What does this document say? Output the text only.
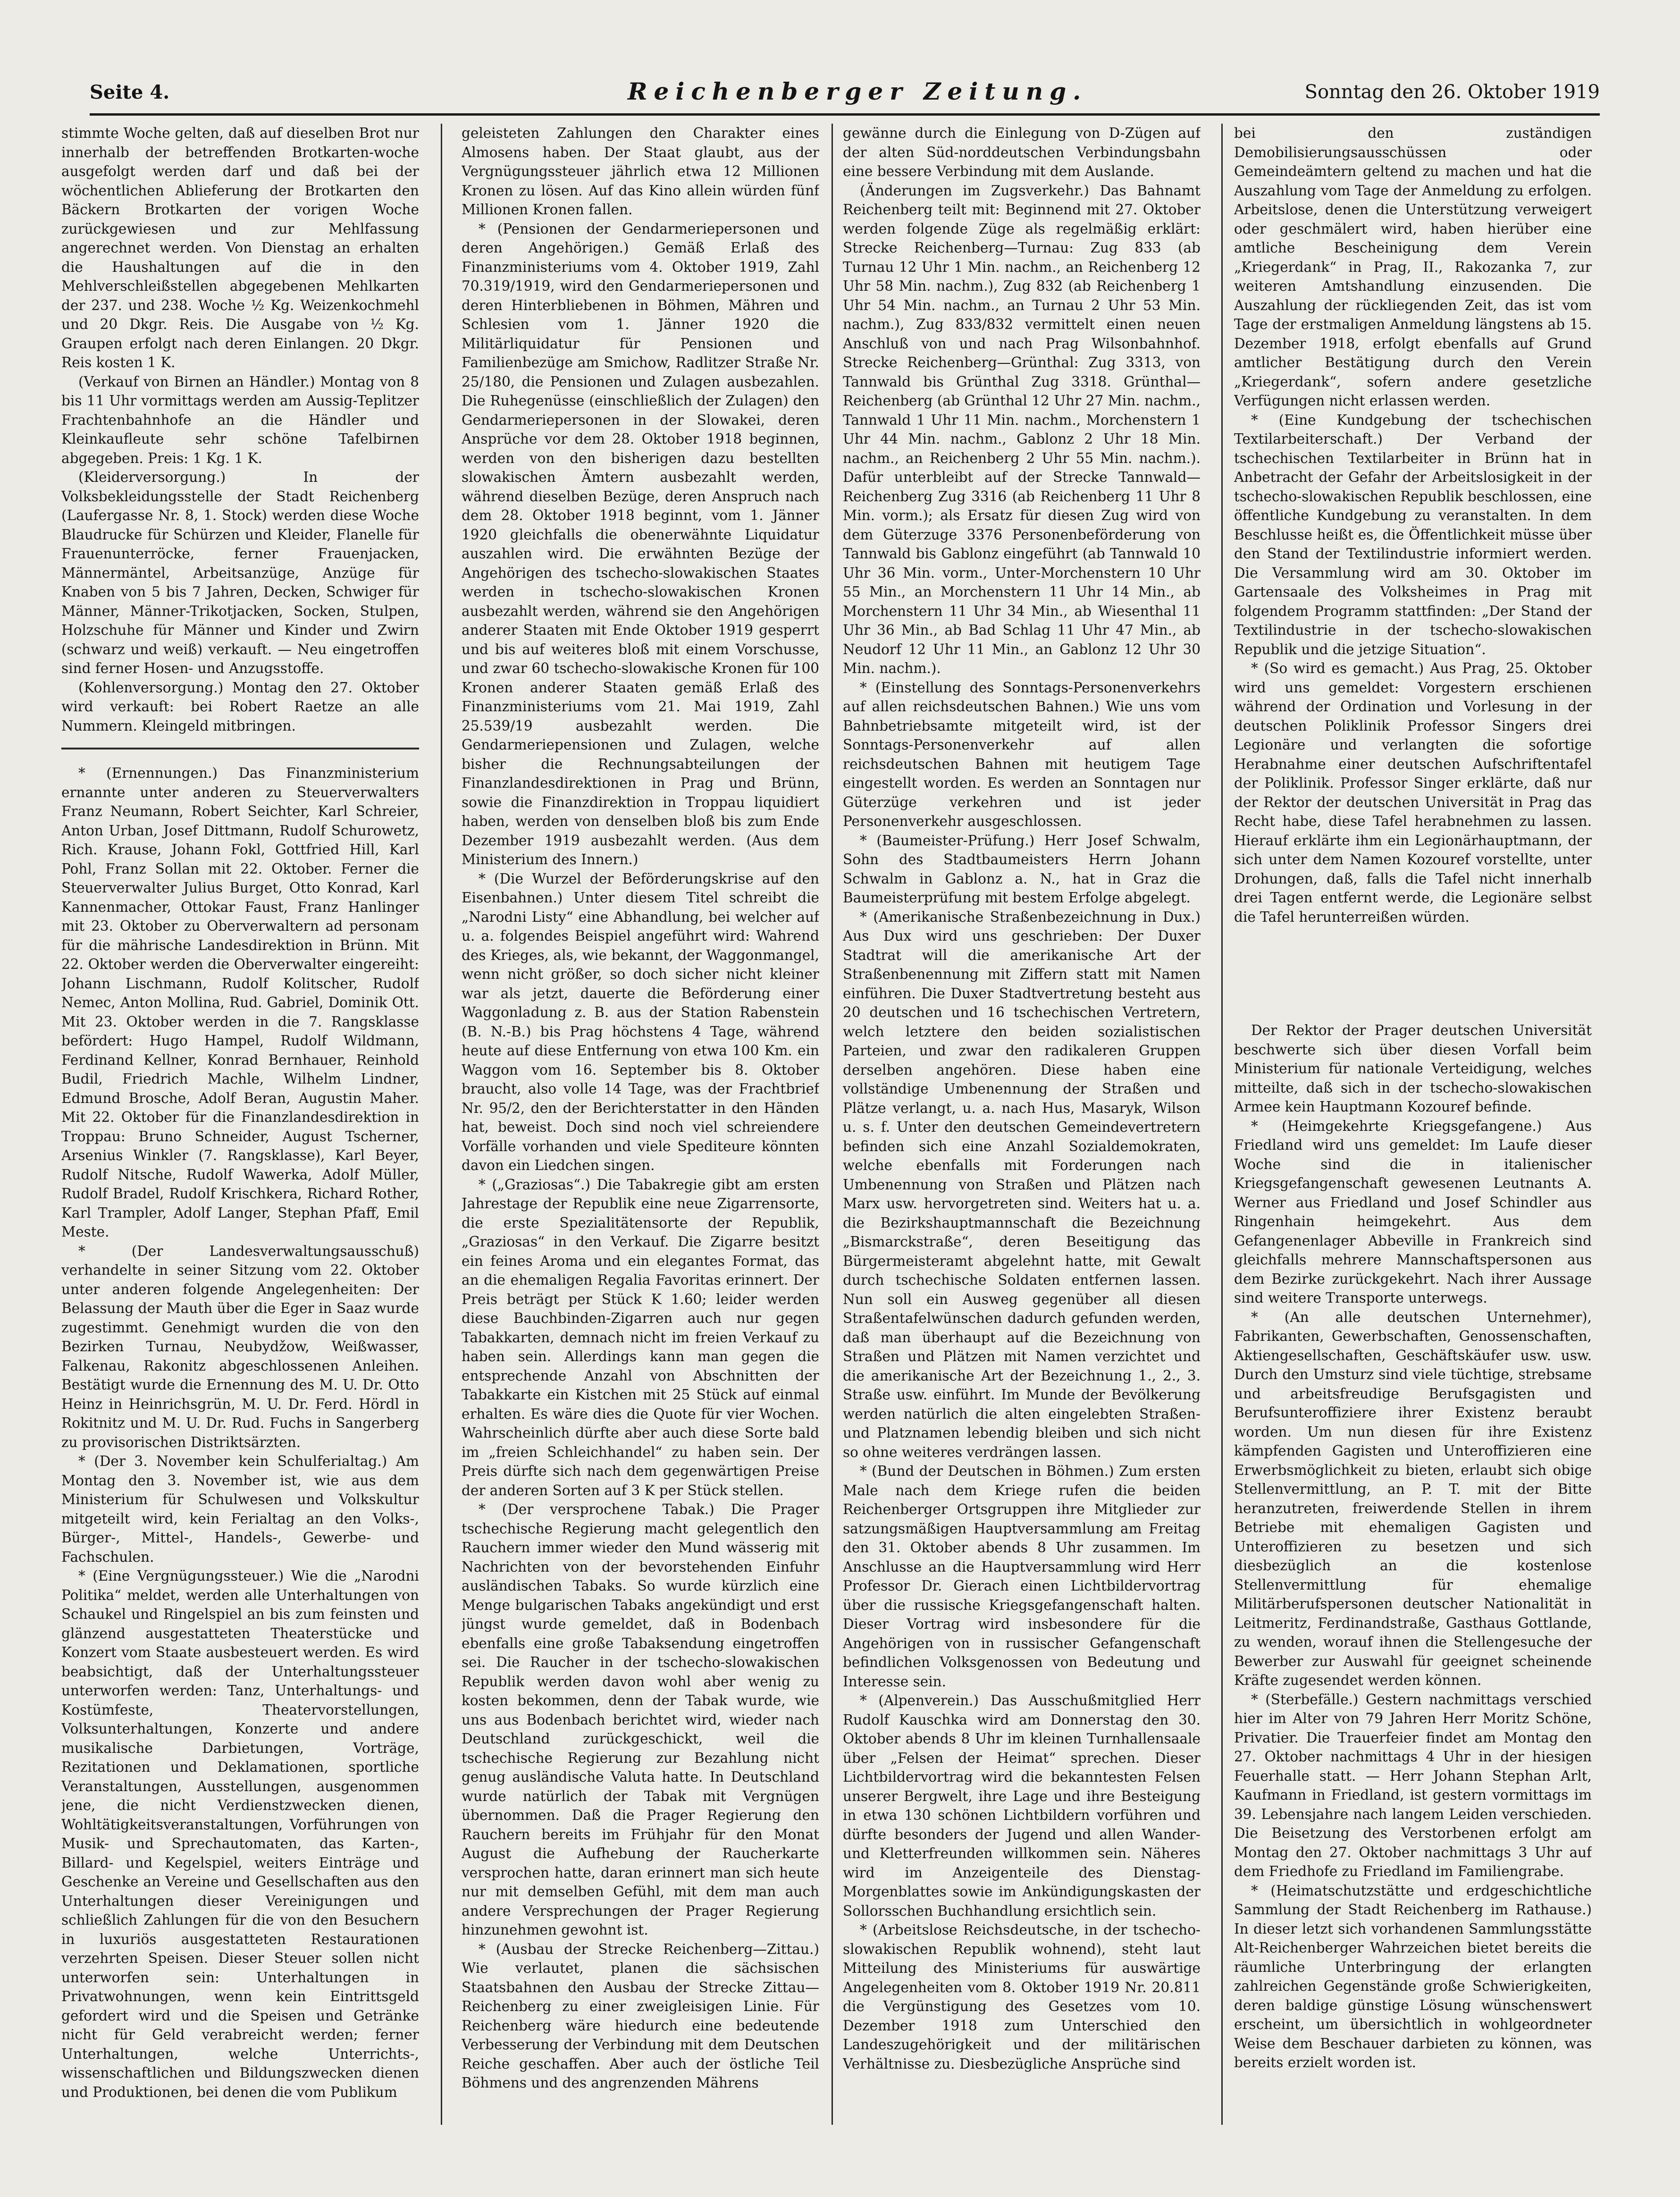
Seite 4.	Reichenberger Zeitung.	Sonntag den 26. Oktober 1919

stimmte Woche gelten, daß auf dieselben Brot nur innerhalb der betreffenden Brotkarten-woche ausgefolgt werden darf und daß bei der wöchentlichen Ablieferung der Brotkarten den Bäckern Brotkarten der vorigen Woche zurückgewiesen und zur Mehlfassung angerechnet werden. Von Dienstag an erhalten die Haushaltungen auf die in den Mehlverschleißstellen abgegebenen Mehlkarten der 237. und 238. Woche ½ Kg. Weizenkochmehl und 20 Dkgr. Reis. Die Ausgabe von ½ Kg. Graupen erfolgt nach deren Einlangen. 20 Dkgr. Reis kosten 1 K.

(Verkauf von Birnen an Händler.) Montag von 8 bis 11 Uhr vormittags werden am Aussig-Teplitzer Frachtenbahnhofe an die Händler und Kleinkaufleute sehr schöne Tafelbirnen abgegeben. Preis: 1 Kg. 1 K.

(Kleiderversorgung.) In der Volksbekleidungsstelle der Stadt Reichenberg (Laufergasse Nr. 8, 1. Stock) werden diese Woche Blaudrucke für Schürzen und Kleider, Flanelle für Frauenunterröcke, ferner Frauenjacken, Männermäntel, Arbeitsanzüge, Anzüge für Knaben von 5 bis 7 Jahren, Decken, Schwiger für Männer, Männer-Trikotjacken, Socken, Stulpen, Holzschuhe für Männer und Kinder und Zwirn (schwarz und weiß) verkauft. — Neu eingetroffen sind ferner Hosen- und Anzugsstoffe.

(Kohlenversorgung.) Montag den 27. Oktober wird verkauft: bei Robert Raetze an alle Nummern. Kleingeld mitbringen.

* (Ernennungen.) Das Finanzministerium ernannte unter anderen zu Steuerverwalters Franz Neumann, Robert Seichter, Karl Schreier, Anton Urban, Josef Dittmann, Rudolf Schurowetz, Rich. Krause, Johann Fokl, Gottfried Hill, Karl Pohl, Franz Sollan mit 22. Oktober. Ferner die Steuerverwalter Julius Burget, Otto Konrad, Karl Kannenmacher, Ottokar Faust, Franz Hanlinger mit 23. Oktober zu Oberverwaltern ad personam für die mährische Landesdirektion in Brünn. Mit 22. Oktober werden die Oberverwalter eingereiht: Johann Lischmann, Rudolf Kolitscher, Rudolf Nemec, Anton Mollina, Rud. Gabriel, Dominik Ott. Mit 23. Oktober werden in die 7. Rangsklasse befördert: Hugo Hampel, Rudolf Wildmann, Ferdinand Kellner, Konrad Bernhauer, Reinhold Budil, Friedrich Machle, Wilhelm Lindner, Edmund Brosche, Adolf Beran, Augustin Maher. Mit 22. Oktober für die Finanzlandesdirektion in Troppau: Bruno Schneider, August Tscherner, Arsenius Winkler (7. Rangsklasse), Karl Beyer, Rudolf Nitsche, Rudolf Wawerka, Adolf Müller, Rudolf Bradel, Rudolf Krischkera, Richard Rother, Karl Trampler, Adolf Langer, Stephan Pfaff, Emil Meste.

* (Der Landesverwaltungsausschuß) verhandelte in seiner Sitzung vom 22. Oktober unter anderen folgende Angelegenheiten: Der Belassung der Mauth über die Eger in Saaz wurde zugestimmt. Genehmigt wurden die von den Bezirken Turnau, Neubydžow, Weißwasser, Falkenau, Rakonitz abgeschlossenen Anleihen. Bestätigt wurde die Ernennung des M. U. Dr. Otto Heinz in Heinrichsgrün, M. U. Dr. Ferd. Hördl in Rokitnitz und M. U. Dr. Rud. Fuchs in Sangerberg zu provisorischen Distriktsärzten.

* (Der 3. November kein Schulferialtag.) Am Montag den 3. November ist, wie aus dem Ministerium für Schulwesen und Volkskultur mitgeteilt wird, kein Ferialtag an den Volks-, Bürger-, Mittel-, Handels-, Gewerbe- und Fachschulen.

* (Eine Vergnügungssteuer.) Wie die „Narodni Politika“ meldet, werden alle Unterhaltungen von Schaukel und Ringelspiel an bis zum feinsten und glänzend ausgestatteten Theaterstücke und Konzert vom Staate ausbesteuert werden. Es wird beabsichtigt, daß der Unterhaltungssteuer unterworfen werden: Tanz, Unterhaltungs- und Kostümfeste, Theatervorstellungen, Volksunterhaltungen, Konzerte und andere musikalische Darbietungen, Vorträge, Rezitationen und Deklamationen, sportliche Veranstaltungen, Ausstellungen, ausgenommen jene, die nicht Verdienstzwecken dienen, Wohltätigkeitsveranstaltungen, Vorführungen von Musik- und Sprechautomaten, das Karten-, Billard- und Kegelspiel, weiters Einträge und Geschenke an Vereine und Gesellschaften aus den Unterhaltungen dieser Vereinigungen und schließlich Zahlungen für die von den Besuchern in luxuriös ausgestatteten Restaurationen verzehrten Speisen. Dieser Steuer sollen nicht unterworfen sein: Unterhaltungen in Privatwohnungen, wenn kein Eintrittsgeld gefordert wird und die Speisen und Getränke nicht für Geld verabreicht werden; ferner Unterhaltungen, welche Unterrichts-, wissenschaftlichen und Bildungszwecken dienen und Produktionen, bei denen die vom Publikum

geleisteten Zahlungen den Charakter eines Almosens haben. Der Staat glaubt, aus der Vergnügungssteuer jährlich etwa 12 Millionen Kronen zu lösen. Auf das Kino allein würden fünf Millionen Kronen fallen.

* (Pensionen der Gendarmeriepersonen und deren Angehörigen.) Gemäß Erlaß des Finanzministeriums vom 4. Oktober 1919, Zahl 70.319/1919, wird den Gendarmeriepersonen und deren Hinterbliebenen in Böhmen, Mähren und Schlesien vom 1. Jänner 1920 die Militärliquidatur für Pensionen und Familienbezüge am Smichow, Radlitzer Straße Nr. 25/180, die Pensionen und Zulagen ausbezahlen. Die Ruhegenüsse (einschließlich der Zulagen) den Gendarmeriepersonen in der Slowakei, deren Ansprüche vor dem 28. Oktober 1918 beginnen, werden von den bisherigen dazu bestellten slowakischen Ämtern ausbezahlt werden, während dieselben Bezüge, deren Anspruch nach dem 28. Oktober 1918 beginnt, vom 1. Jänner 1920 gleichfalls die obenerwähnte Liquidatur auszahlen wird. Die erwähnten Bezüge der Angehörigen des tschecho-slowakischen Staates werden in tschecho-slowakischen Kronen ausbezahlt werden, während sie den Angehörigen anderer Staaten mit Ende Oktober 1919 gesperrt und bis auf weiteres bloß mit einem Vorschusse, und zwar 60 tschecho-slowakische Kronen für 100 Kronen anderer Staaten gemäß Erlaß des Finanzministeriums vom 21. Mai 1919, Zahl 25.539/19 ausbezahlt werden. Die Gendarmeriepensionen und Zulagen, welche bisher die Rechnungsabteilungen der Finanzlandesdirektionen in Prag und Brünn, sowie die Finanzdirektion in Troppau liquidiert haben, werden von denselben bloß bis zum Ende Dezember 1919 ausbezahlt werden. (Aus dem Ministerium des Innern.)

* (Die Wurzel der Beförderungskrise auf den Eisenbahnen.) Unter diesem Titel schreibt die „Narodni Listy“ eine Abhandlung, bei welcher auf u. a. folgendes Beispiel angeführt wird: Wahrend des Krieges, als, wie bekannt, der Waggonmangel, wenn nicht größer, so doch sicher nicht kleiner war als jetzt, dauerte die Beförderung einer Waggonladung z. B. aus der Station Rabenstein (B. N.-B.) bis Prag höchstens 4 Tage, während heute auf diese Entfernung von etwa 100 Km. ein Waggon vom 16. September bis 8. Oktober braucht, also volle 14 Tage, was der Frachtbrief Nr. 95/2, den der Berichterstatter in den Händen hat, beweist. Doch sind noch viel schreiendere Vorfälle vorhanden und viele Spediteure könnten davon ein Liedchen singen.

* („Graziosas“.) Die Tabakregie gibt am ersten Jahrestage der Republik eine neue Zigarrensorte, die erste Spezialitätensorte der Republik, „Graziosas“ in den Verkauf. Die Zigarre besitzt ein feines Aroma und ein elegantes Format, das an die ehemaligen Regalia Favoritas erinnert. Der Preis beträgt per Stück K 1.60; leider werden diese Bauchbinden-Zigarren auch nur gegen Tabakkarten, demnach nicht im freien Verkauf zu haben sein. Allerdings kann man gegen die entsprechende Anzahl von Abschnitten der Tabakkarte ein Kistchen mit 25 Stück auf einmal erhalten. Es wäre dies die Quote für vier Wochen. Wahrscheinlich dürfte aber auch diese Sorte bald im „freien Schleichhandel“ zu haben sein. Der Preis dürfte sich nach dem gegenwärtigen Preise der anderen Sorten auf 3 K per Stück stellen.

* (Der versprochene Tabak.) Die Prager tschechische Regierung macht gelegentlich den Rauchern immer wieder den Mund wässerig mit Nachrichten von der bevorstehenden Einfuhr ausländischen Tabaks. So wurde kürzlich eine Menge bulgarischen Tabaks angekündigt und erst jüngst wurde gemeldet, daß in Bodenbach ebenfalls eine große Tabaksendung eingetroffen sei. Die Raucher in der tschecho-slowakischen Republik werden davon wohl aber wenig zu kosten bekommen, denn der Tabak wurde, wie uns aus Bodenbach berichtet wird, wieder nach Deutschland zurückgeschickt, weil die tschechische Regierung zur Bezahlung nicht genug ausländische Valuta hatte. In Deutschland wurde natürlich der Tabak mit Vergnügen übernommen. Daß die Prager Regierung den Rauchern bereits im Frühjahr für den Monat August die Aufhebung der Raucherkarte versprochen hatte, daran erinnert man sich heute nur mit demselben Gefühl, mit dem man auch andere Versprechungen der Prager Regierung hinzunehmen gewohnt ist.

* (Ausbau der Strecke Reichenberg—Zittau.) Wie verlautet, planen die sächsischen Staatsbahnen den Ausbau der Strecke Zittau—Reichenberg zu einer zweigleisigen Linie. Für Reichenberg wäre hiedurch eine bedeutende Verbesserung der Verbindung mit dem Deutschen Reiche geschaffen. Aber auch der östliche Teil Böhmens und des angrenzenden Mährens

gewänne durch die Einlegung von D-Zügen auf der alten Süd-norddeutschen Verbindungsbahn eine bessere Verbindung mit dem Auslande.

(Änderungen im Zugsverkehr.) Das Bahnamt Reichenberg teilt mit: Beginnend mit 27. Oktober werden folgende Züge als regelmäßig erklärt: Strecke Reichenberg—Turnau: Zug 833 (ab Turnau 12 Uhr 1 Min. nachm., an Reichenberg 12 Uhr 58 Min. nachm.), Zug 832 (ab Reichenberg 1 Uhr 54 Min. nachm., an Turnau 2 Uhr 53 Min. nachm.), Zug 833/832 vermittelt einen neuen Anschluß von und nach Prag Wilsonbahnhof. Strecke Reichenberg—Grünthal: Zug 3313, von Tannwald bis Grünthal Zug 3318. Grünthal—Reichenberg (ab Grünthal 12 Uhr 27 Min. nachm., Tannwald 1 Uhr 11 Min. nachm., Morchenstern 1 Uhr 44 Min. nachm., Gablonz 2 Uhr 18 Min. nachm., an Reichenberg 2 Uhr 55 Min. nachm.). Dafür unterbleibt auf der Strecke Tannwald—Reichenberg Zug 3316 (ab Reichenberg 11 Uhr 8 Min. vorm.); als Ersatz für diesen Zug wird von dem Güterzuge 3376 Personenbeförderung von Tannwald bis Gablonz eingeführt (ab Tannwald 10 Uhr 36 Min. vorm., Unter-Morchenstern 10 Uhr 55 Min., an Morchenstern 11 Uhr 14 Min., ab Morchenstern 11 Uhr 34 Min., ab Wiesenthal 11 Uhr 36 Min., ab Bad Schlag 11 Uhr 47 Min., ab Neudorf 12 Uhr 11 Min., an Gablonz 12 Uhr 30 Min. nachm.).

* (Einstellung des Sonntags-Personenverkehrs auf allen reichsdeutschen Bahnen.) Wie uns vom Bahnbetriebsamte mitgeteilt wird, ist der Sonntags-Personenverkehr auf allen reichsdeutschen Bahnen mit heutigem Tage eingestellt worden. Es werden an Sonntagen nur Güterzüge verkehren und ist jeder Personenverkehr ausgeschlossen.

* (Baumeister-Prüfung.) Herr Josef Schwalm, Sohn des Stadtbaumeisters Herrn Johann Schwalm in Gablonz a. N., hat in Graz die Baumeisterprüfung mit bestem Erfolge abgelegt.

* (Amerikanische Straßenbezeichnung in Dux.) Aus Dux wird uns geschrieben: Der Duxer Stadtrat will die amerikanische Art der Straßenbenennung mit Ziffern statt mit Namen einführen. Die Duxer Stadtvertretung besteht aus 20 deutschen und 16 tschechischen Vertretern, welch letztere den beiden sozialistischen Parteien, und zwar den radikaleren Gruppen derselben angehören. Diese haben eine vollständige Umbenennung der Straßen und Plätze verlangt, u. a. nach Hus, Masaryk, Wilson u. s. f. Unter den deutschen Gemeindevertretern befinden sich eine Anzahl Sozialdemokraten, welche ebenfalls mit Forderungen nach Umbenennung von Straßen und Plätzen nach Marx usw. hervorgetreten sind. Weiters hat u. a. die Bezirkshauptmannschaft die Bezeichnung „Bismarckstraße“, deren Beseitigung das Bürgermeisteramt abgelehnt hatte, mit Gewalt durch tschechische Soldaten entfernen lassen. Nun soll ein Ausweg gegenüber all diesen Straßentafelwünschen dadurch gefunden werden, daß man überhaupt auf die Bezeichnung von Straßen und Plätzen mit Namen verzichtet und die amerikanische Art der Bezeichnung 1., 2., 3. Straße usw. einführt. Im Munde der Bevölkerung werden natürlich die alten eingelebten Straßen- und Platznamen lebendig bleiben und sich nicht so ohne weiteres verdrängen lassen.

* (Bund der Deutschen in Böhmen.) Zum ersten Male nach dem Kriege rufen die beiden Reichenberger Ortsgruppen ihre Mitglieder zur satzungsmäßigen Hauptversammlung am Freitag den 31. Oktober abends 8 Uhr zusammen. Im Anschlusse an die Hauptversammlung wird Herr Professor Dr. Gierach einen Lichtbildervortrag über die russische Kriegsgefangenschaft halten. Dieser Vortrag wird insbesondere für die Angehörigen von in russischer Gefangenschaft befindlichen Volksgenossen von Bedeutung und Interesse sein.

* (Alpenverein.) Das Ausschußmitglied Herr Rudolf Kauschka wird am Donnerstag den 30. Oktober abends 8 Uhr im kleinen Turnhallensaale über „Felsen der Heimat“ sprechen. Dieser Lichtbildervortrag wird die bekanntesten Felsen unserer Bergwelt, ihre Lage und ihre Besteigung in etwa 130 schönen Lichtbildern vorführen und dürfte besonders der Jugend und allen Wander- und Kletterfreunden willkommen sein. Näheres wird im Anzeigenteile des Dienstag-Morgenblattes sowie im Ankündigungskasten der Sollorsschen Buchhandlung ersichtlich sein.

* (Arbeitslose Reichsdeutsche, in der tschecho-slowakischen Republik wohnend), steht laut Mitteilung des Ministeriums für auswärtige Angelegenheiten vom 8. Oktober 1919 Nr. 20.811 die Vergünstigung des Gesetzes vom 10. Dezember 1918 zum Unterschied den Landeszugehörigkeit und der militärischen Verhältnisse zu. Diesbezügliche Ansprüche sind

bei den zuständigen Demobilisierungsausschüssen oder Gemeindeämtern geltend zu machen und hat die Auszahlung vom Tage der Anmeldung zu erfolgen. Arbeitslose, denen die Unterstützung verweigert oder geschmälert wird, haben hierüber eine amtliche Bescheinigung dem Verein „Kriegerdank“ in Prag, II., Rakozanka 7, zur weiteren Amtshandlung einzusenden. Die Auszahlung der rückliegenden Zeit, das ist vom Tage der erstmaligen Anmeldung längstens ab 15. Dezember 1918, erfolgt ebenfalls auf Grund amtlicher Bestätigung durch den Verein „Kriegerdank“, sofern andere gesetzliche Verfügungen nicht erlassen werden.

* (Eine Kundgebung der tschechischen Textilarbeiterschaft.) Der Verband der tschechischen Textilarbeiter in Brünn hat in Anbetracht der Gefahr der Arbeitslosigkeit in der tschecho-slowakischen Republik beschlossen, eine öffentliche Kundgebung zu veranstalten. In dem Beschlusse heißt es, die Öffentlichkeit müsse über den Stand der Textilindustrie informiert werden. Die Versammlung wird am 30. Oktober im Gartensaale des Volksheimes in Prag mit folgendem Programm stattfinden: „Der Stand der Textilindustrie in der tschecho-slowakischen Republik und die jetzige Situation“.

* (So wird es gemacht.) Aus Prag, 25. Oktober wird uns gemeldet: Vorgestern erschienen während der Ordination und Vorlesung in der deutschen Poliklinik Professor Singers drei Legionäre und verlangten die sofortige Herabnahme einer deutschen Aufschriftentafel der Poliklinik. Professor Singer erklärte, daß nur der Rektor der deutschen Universität in Prag das Recht habe, diese Tafel herabnehmen zu lassen. Hierauf erklärte ihm ein Legionärhauptmann, der sich unter dem Namen Kozouref vorstellte, unter Drohungen, daß, falls die Tafel nicht innerhalb drei Tagen entfernt werde, die Legionäre selbst die Tafel herunterreißen würden.

Der Rektor der Prager deutschen Universität beschwerte sich über diesen Vorfall beim Ministerium für nationale Verteidigung, welches mitteilte, daß sich in der tschecho-slowakischen Armee kein Hauptmann Kozouref befinde.

* (Heimgekehrte Kriegsgefangene.) Aus Friedland wird uns gemeldet: Im Laufe dieser Woche sind die in italienischer Kriegsgefangenschaft gewesenen Leutnants A. Werner aus Friedland und Josef Schindler aus Ringenhain heimgekehrt. Aus dem Gefangenenlager Abbeville in Frankreich sind gleichfalls mehrere Mannschaftspersonen aus dem Bezirke zurückgekehrt. Nach ihrer Aussage sind weitere Transporte unterwegs.

* (An alle deutschen Unternehmer), Fabrikanten, Gewerbschaften, Genossenschaften, Aktiengesellschaften, Geschäftskäufer usw. usw. Durch den Umsturz sind viele tüchtige, strebsame und arbeitsfreudige Berufsgagisten und Berufsunteroffiziere ihrer Existenz beraubt worden. Um nun diesen für ihre Existenz kämpfenden Gagisten und Unteroffizieren eine Erwerbsmöglichkeit zu bieten, erlaubt sich obige Stellenvermittlung, an P. T. mit der Bitte heranzutreten, freiwerdende Stellen in ihrem Betriebe mit ehemaligen Gagisten und Unteroffizieren zu besetzen und sich diesbezüglich an die kostenlose Stellenvermittlung für ehemalige Militärberufspersonen deutscher Nationalität in Leitmeritz, Ferdinandstraße, Gasthaus Gottlande, zu wenden, worauf ihnen die Stellengesuche der Bewerber zur Auswahl für geeignet scheinende Kräfte zugesendet werden können.

* (Sterbefälle.) Gestern nachmittags verschied hier im Alter von 79 Jahren Herr Moritz Schöne, Privatier. Die Trauerfeier findet am Montag den 27. Oktober nachmittags 4 Uhr in der hiesigen Feuerhalle statt. — Herr Johann Stephan Arlt, Kaufmann in Friedland, ist gestern vormittags im 39. Lebensjahre nach langem Leiden verschieden. Die Beisetzung des Verstorbenen erfolgt am Montag den 27. Oktober nachmittags 3 Uhr auf dem Friedhofe zu Friedland im Familiengrabe.

* (Heimatschutzstätte und erdgeschichtliche Sammlung der Stadt Reichenberg im Rathause.) In dieser letzt sich vorhandenen Sammlungsstätte Alt-Reichenberger Wahrzeichen bietet bereits die räumliche Unterbringung der erlangten zahlreichen Gegenstände große Schwierigkeiten, deren baldige günstige Lösung wünschenswert erscheint, um übersichtlich in wohlgeordneter Weise dem Beschauer darbieten zu können, was bereits erzielt worden ist.
